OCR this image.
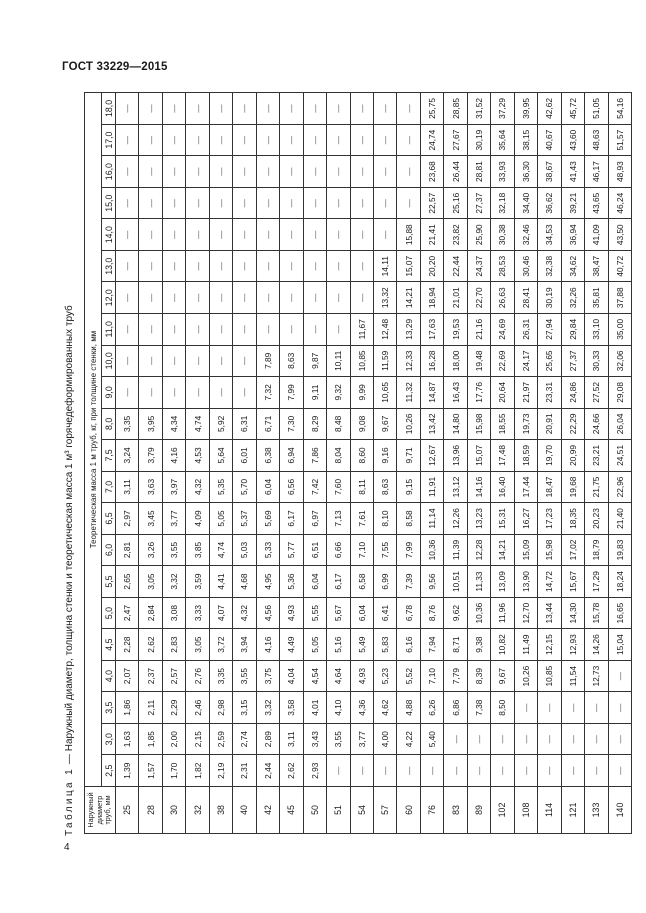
ГОСТ 33229—2015
Таблица 1 — Наружный диаметр, толщина стенки и теоретическая масса 1 м³ горячедеформированных труб
Наружный диаметр труб, мм	Теоретическая масса 1 м труб, кг, при толщине стенки, мм																					
	2,5	3,0	3,5	4,0	4,5	5,0	5,5	6,0	6,5	7,0	7,5	8,0	9,0	10,0	11,0	12,0	13,0	14,0	15,0	16,0	17,0	18,0
25	1,39	1,63	1,86	2,07	2,28	2,47	2,65	2,81	2,97	3,11	3,24	3,35	—	—	—	—	—	—	—	—	—	—
28	1,57	1,85	2,11	2,37	2,62	2,84	3,05	3,26	3,45	3,63	3,79	3,95	—	—	—	—	—	—	—	—	—	—
30	1,70	2,00	2,29	2,57	2,83	3,08	3,32	3,55	3,77	3,97	4,16	4,34	—	—	—	—	—	—	—	—	—	—
32	1,82	2,15	2,46	2,76	3,05	3,33	3,59	3,85	4,09	4,32	4,53	4,74	—	—	—	—	—	—	—	—	—	—
38	2,19	2,59	2,98	3,35	3,72	4,07	4,41	4,74	5,05	5,35	5,64	5,92	—	—	—	—	—	—	—	—	—	—
40	2,31	2,74	3,15	3,55	3,94	4,32	4,68	5,03	5,37	5,70	6,01	6,31	—	—	—	—	—	—	—	—	—	—
42	2,44	2,89	3,32	3,75	4,16	4,56	4,95	5,33	5,69	6,04	6,38	6,71	7,32	7,89	—	—	—	—	—	—	—	—
45	2,62	3,11	3,58	4,04	4,49	4,93	5,36	5,77	6,17	6,56	6,94	7,30	7,99	8,63	—	—	—	—	—	—	—	—
50	2,93	3,43	4,01	4,54	5,05	5,55	6,04	6,51	6,97	7,42	7,86	8,29	9,11	9,87	—	—	—	—	—	—	—	—
51	—	3,55	4,10	4,64	5,16	5,67	6,17	6,66	7,13	7,60	8,04	8,48	9,32	10,11	—	—	—	—	—	—	—	—
54	—	3,77	4,36	4,93	5,49	6,04	6,58	7,10	7,61	8,11	8,60	9,08	9,99	10,85	11,67	—	—	—	—	—	—	—
57	—	4,00	4,62	5,23	5,83	6,41	6,99	7,55	8,10	8,63	9,16	9,67	10,65	11,59	12,48	13,32	14,11	—	—	—	—	—
60	—	4,22	4,88	5,52	6,16	6,78	7,39	7,99	8,58	9,15	9,71	10,26	11,32	12,33	13,29	14,21	15,07	15,88	—	—	—	—
76	—	5,40	6,26	7,10	7,94	8,76	9,56	10,36	11,14	11,91	12,67	13,42	14,87	16,28	17,63	18,94	20,20	21,41	22,57	23,68	24,74	25,75
83	—	—	6,86	7,79	8,71	9,62	10,51	11,39	12,26	13,12	13,96	14,80	16,43	18,00	19,53	21,01	22,44	23,82	25,16	26,44	27,67	28,85
89	—	—	7,38	8,39	9,38	10,36	11,33	12,28	13,23	14,16	15,07	15,98	17,76	19,48	21,16	22,70	24,37	25,90	27,37	28,81	30,19	31,52
102	—	—	8,50	9,67	10,82	11,96	13,09	14,21	15,31	16,40	17,48	18,55	20,64	22,69	24,69	26,63	28,53	30,38	32,18	33,93	35,64	37,29
108	—	—	—	10,26	11,49	12,70	13,90	15,09	16,27	17,44	18,59	19,73	21,97	24,17	26,31	28,41	30,46	32,46	34,40	36,30	38,15	39,95
114	—	—	—	10,85	12,15	13,44	14,72	15,98	17,23	18,47	19,70	20,91	23,31	25,65	27,94	30,19	32,38	34,53	36,62	38,67	40,67	42,62
121	—	—	—	11,54	12,93	14,30	15,67	17,02	18,35	19,68	20,99	22,29	24,86	27,37	29,84	32,26	34,62	36,94	39,21	41,43	43,60	45,72
133	—	—	—	12,73	14,26	15,78	17,29	18,79	20,23	21,75	23,21	24,66	27,52	30,33	33,10	35,81	38,47	41,09	43,65	46,17	48,63	51,05
140	—	—	—	—	15,04	16,65	18,24	19,83	21,40	22,96	24,51	26,04	29,08	32,06	35,00	37,88	40,72	43,50	46,24	48,93	51,57	54,16
4
